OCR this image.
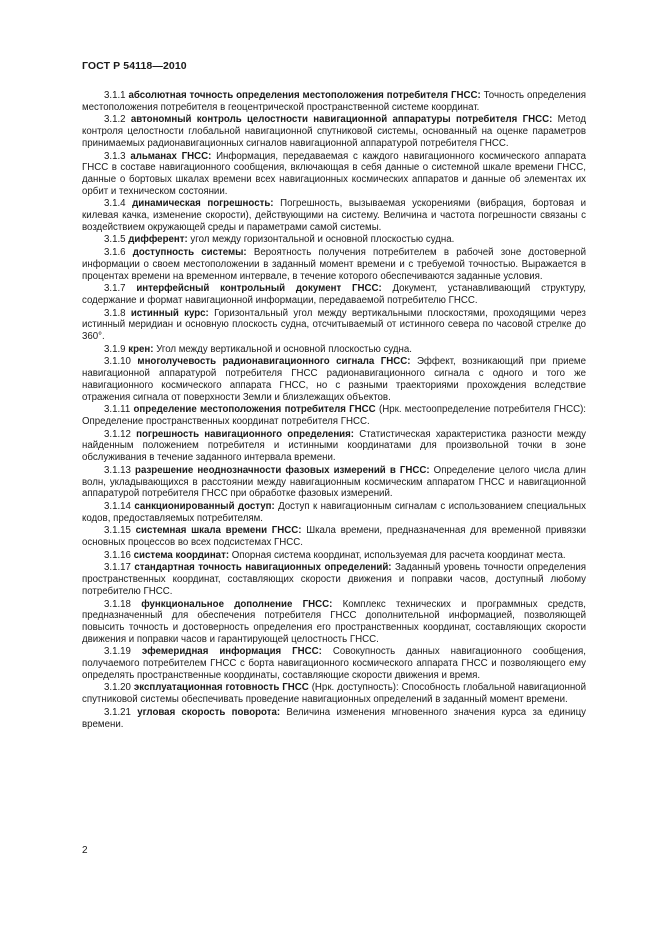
ГОСТ Р 54118—2010

3.1.1 абсолютная точность определения местоположения потребителя ГНСС: Точность определения местоположения потребителя в геоцентрической пространственной системе координат.

3.1.2 автономный контроль целостности навигационной аппаратуры потребителя ГНСС: Метод контроля целостности глобальной навигационной спутниковой системы, основанный на оценке параметров принимаемых радионавигационных сигналов навигационной аппаратурой потребителя ГНСС.

3.1.3 альманах ГНСС: Информация, передаваемая с каждого навигационного космического аппарата ГНСС в составе навигационного сообщения, включающая в себя данные о системной шкале времени ГНСС, данные о бортовых шкалах времени всех навигационных космических аппаратов и данные об элементах их орбит и техническом состоянии.

3.1.4 динамическая погрешность: Погрешность, вызываемая ускорениями (вибрация, бортовая и килевая качка, изменение скорости), действующими на систему. Величина и частота погрешности связаны с воздействием окружающей среды и параметрами самой системы.

3.1.5 дифферент: угол между горизонтальной и основной плоскостью судна.

3.1.6 доступность системы: Вероятность получения потребителем в рабочей зоне достоверной информации о своем местоположении в заданный момент времени и с требуемой точностью. Выражается в процентах времени на временном интервале, в течение которого обеспечиваются заданные условия.

3.1.7 интерфейсный контрольный документ ГНСС: Документ, устанавливающий структуру, содержание и формат навигационной информации, передаваемой потребителю ГНСС.

3.1.8 истинный курс: Горизонтальный угол между вертикальными плоскостями, проходящими через истинный меридиан и основную плоскость судна, отсчитываемый от истинного севера по часовой стрелке до 360°.

3.1.9 крен: Угол между вертикальной и основной плоскостью судна.

3.1.10 многолучевость радионавигационного сигнала ГНСС: Эффект, возникающий при приеме навигационной аппаратурой потребителя ГНСС радионавигационного сигнала с одного и того же навигационного космического аппарата ГНСС, но с разными траекториями прохождения вследствие отражения сигнала от поверхности Земли и близлежащих объектов.

3.1.11 определение местоположения потребителя ГНСС (Нрк. местоопределение потребителя ГНСС): Определение пространственных координат потребителя ГНСС.

3.1.12 погрешность навигационного определения: Статистическая характеристика разности между найденным положением потребителя и истинными координатами для произвольной точки в зоне обслуживания в течение заданного интервала времени.

3.1.13 разрешение неоднозначности фазовых измерений в ГНСС: Определение целого числа длин волн, укладывающихся в расстоянии между навигационным космическим аппаратом ГНСС и навигационной аппаратурой потребителя ГНСС при обработке фазовых измерений.

3.1.14 санкционированный доступ: Доступ к навигационным сигналам с использованием специальных кодов, предоставляемых потребителям.

3.1.15 системная шкала времени ГНСС: Шкала времени, предназначенная для временной привязки основных процессов во всех подсистемах ГНСС.

3.1.16 система координат: Опорная система координат, используемая для расчета координат места.

3.1.17 стандартная точность навигационных определений: Заданный уровень точности определения пространственных координат, составляющих скорости движения и поправки часов, доступный любому потребителю ГНСС.

3.1.18 функциональное дополнение ГНСС: Комплекс технических и программных средств, предназначенный для обеспечения потребителя ГНСС дополнительной информацией, позволяющей повысить точность и достоверность определения его пространственных координат, составляющих скорости движения и поправки часов и гарантирующей целостность ГНСС.

3.1.19 эфемеридная информация ГНСС: Совокупность данных навигационного сообщения, получаемого потребителем ГНСС с борта навигационного космического аппарата ГНСС и позволяющего ему определять пространственные координаты, составляющие скорости движения и время.

3.1.20 эксплуатационная готовность ГНСС (Нрк. доступность): Способность глобальной навигационной спутниковой системы обеспечивать проведение навигационных определений в заданный момент времени.

3.1.21 угловая скорость поворота: Величина изменения мгновенного значения курса за единицу времени.

2
